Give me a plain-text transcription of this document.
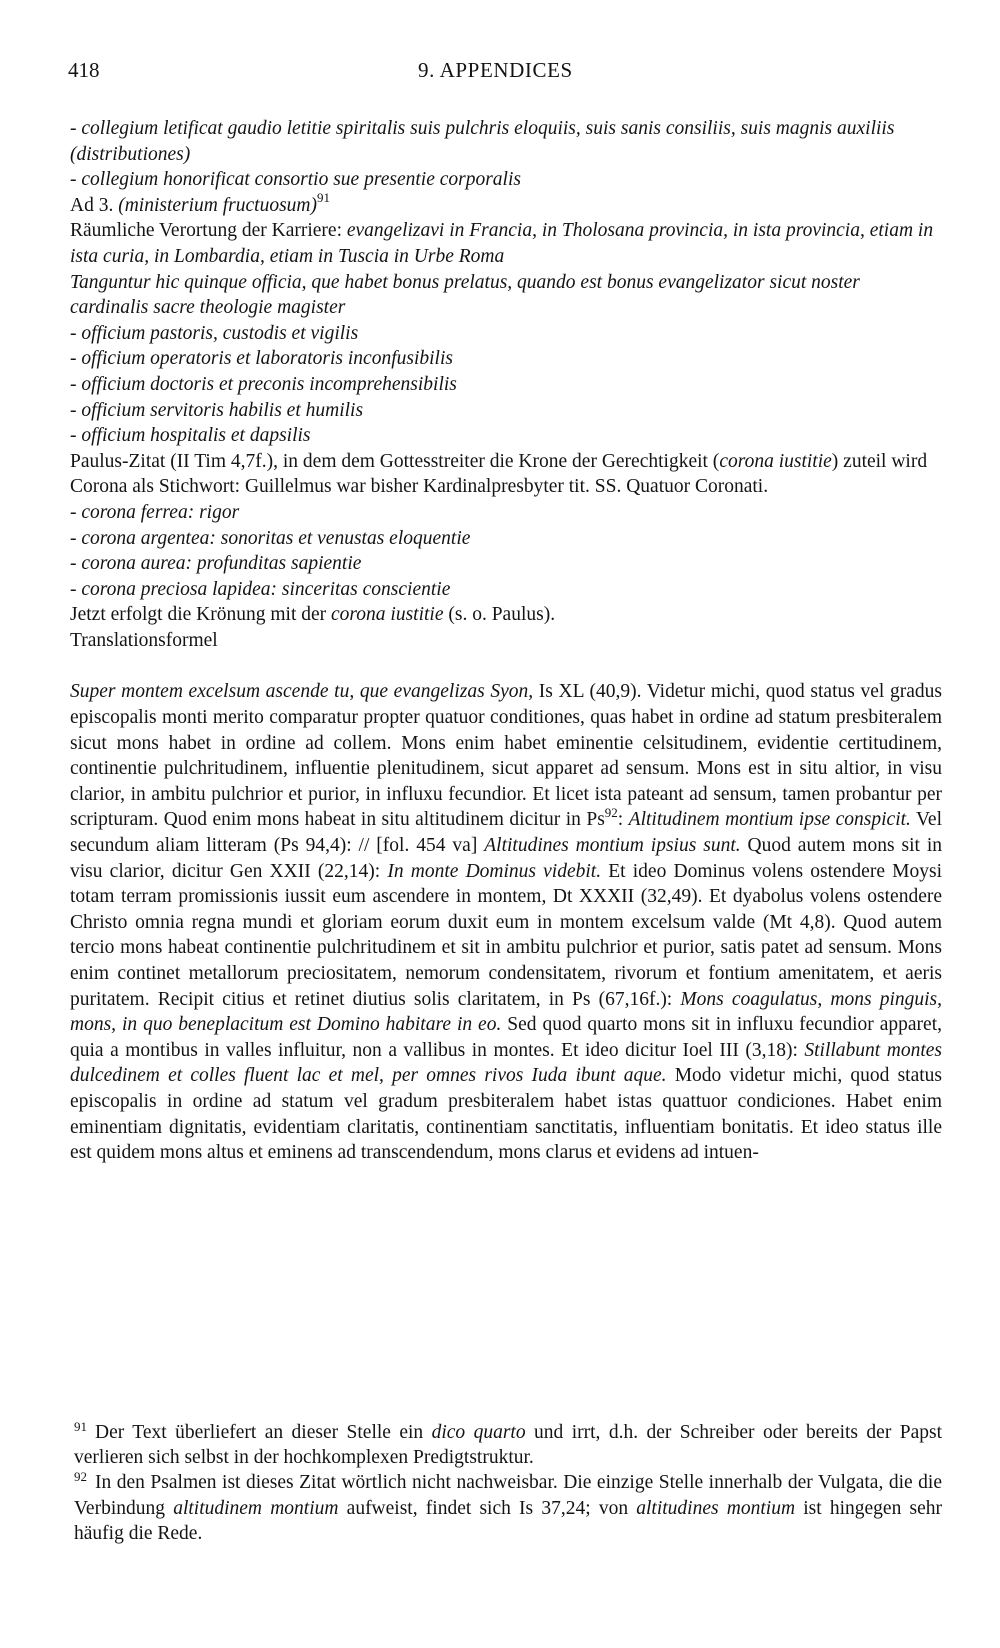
418	9. APPENDICES

- collegium letificat gaudio letitie spiritalis suis pulchris eloquiis, suis sanis consiliis, suis magnis auxiliis (distributiones)

- collegium honorificat consortio sue presentie corporalis

Ad 3. (ministerium fructuosum)$^{91}$

Räumliche Verortung der Karriere: evangelizavi in Francia, in Tholosana provincia, in ista provincia, etiam in ista curia, in Lombardia, etiam in Tuscia in Urbe Roma

Tanguntur hic quinque officia, que habet bonus prelatus, quando est bonus evangelizator sicut noster cardinalis sacre theologie magister

- officium pastoris, custodis et vigilis

- officium operatoris et laboratoris inconfusibilis

- officium doctoris et preconis incomprehensibilis

- officium servitoris habilis et humilis

- officium hospitalis et dapsilis

Paulus-Zitat (II Tim 4,7f.), in dem dem Gottesstreiter die Krone der Gerechtigkeit (corona iustitie) zuteil wird

Corona als Stichwort: Guillelmus war bisher Kardinalpresbyter tit. SS. Quatuor Coronati.

- corona ferrea: rigor

- corona argentea: sonoritas et venustas eloquentie

- corona aurea: profunditas sapientie

- corona preciosa lapidea: sinceritas conscientie

Jetzt erfolgt die Krönung mit der corona iustitie (s. o. Paulus).

Translationsformel

Super montem excelsum ascende tu, que evangelizas Syon, Is XL (40,9). Videtur michi, quod status vel gradus episcopalis monti merito comparatur propter quatuor conditiones, quas habet in ordine ad statum presbiteralem sicut mons habet in ordine ad collem. Mons enim habet eminentie celsitudinem, evidentie certitudinem, continentie pulchritudinem, influentie plenitudinem, sicut apparet ad sensum. Mons est in situ altior, in visu clarior, in ambitu pulchrior et purior, in influxu fecundior. Et licet ista pateant ad sensum, tamen probantur per scripturam. Quod enim mons habeat in situ altitudinem dicitur in Ps$^{92}$: Altitudinem montium ipse conspicit. Vel secundum aliam litteram (Ps 94,4): // [fol. 454 va] Altitudines montium ipsius sunt. Quod autem mons sit in visu clarior, dicitur Gen XXII (22,14): In monte Dominus videbit. Et ideo Dominus volens ostendere Moysi totam terram promissionis iussit eum ascendere in montem, Dt XXXII (32,49). Et dyabolus volens ostendere Christo omnia regna mundi et gloriam eorum duxit eum in montem excelsum valde (Mt 4,8). Quod autem tercio mons habeat continentie pulchritudinem et sit in ambitu pulchrior et purior, satis patet ad sensum. Mons enim continet metallorum preciositatem, nemorum condensitatem, rivorum et fontium amenitatem, et aeris puritatem. Recipit citius et retinet diutius solis claritatem, in Ps (67,16f.): Mons coagulatus, mons pinguis, mons, in quo beneplacitum est Domino habitare in eo. Sed quod quarto mons sit in influxu fecundior apparet, quia a montibus in valles influitur, non a vallibus in montes. Et ideo dicitur Ioel III (3,18): Stillabunt montes dulcedinem et colles fluent lac et mel, per omnes rivos Iuda ibunt aque. Modo videtur michi, quod status episcopalis in ordine ad statum vel gradum presbiteralem habet istas quattuor condiciones. Habet enim eminentiam dignitatis, evidentiam claritatis, continentiam sanctitatis, influentiam bonitatis. Et ideo status ille est quidem mons altus et eminens ad transcendendum, mons clarus et evidens ad intuen-

$^{91}$ Der Text überliefert an dieser Stelle ein dico quarto und irrt, d.h. der Schreiber oder bereits der Papst verlieren sich selbst in der hochkomplexen Predigtstruktur.

$^{92}$ In den Psalmen ist dieses Zitat wörtlich nicht nachweisbar. Die einzige Stelle innerhalb der Vulgata, die die Verbindung altitudinem montium aufweist, findet sich Is 37,24; von altitudines montium ist hingegen sehr häufig die Rede.
